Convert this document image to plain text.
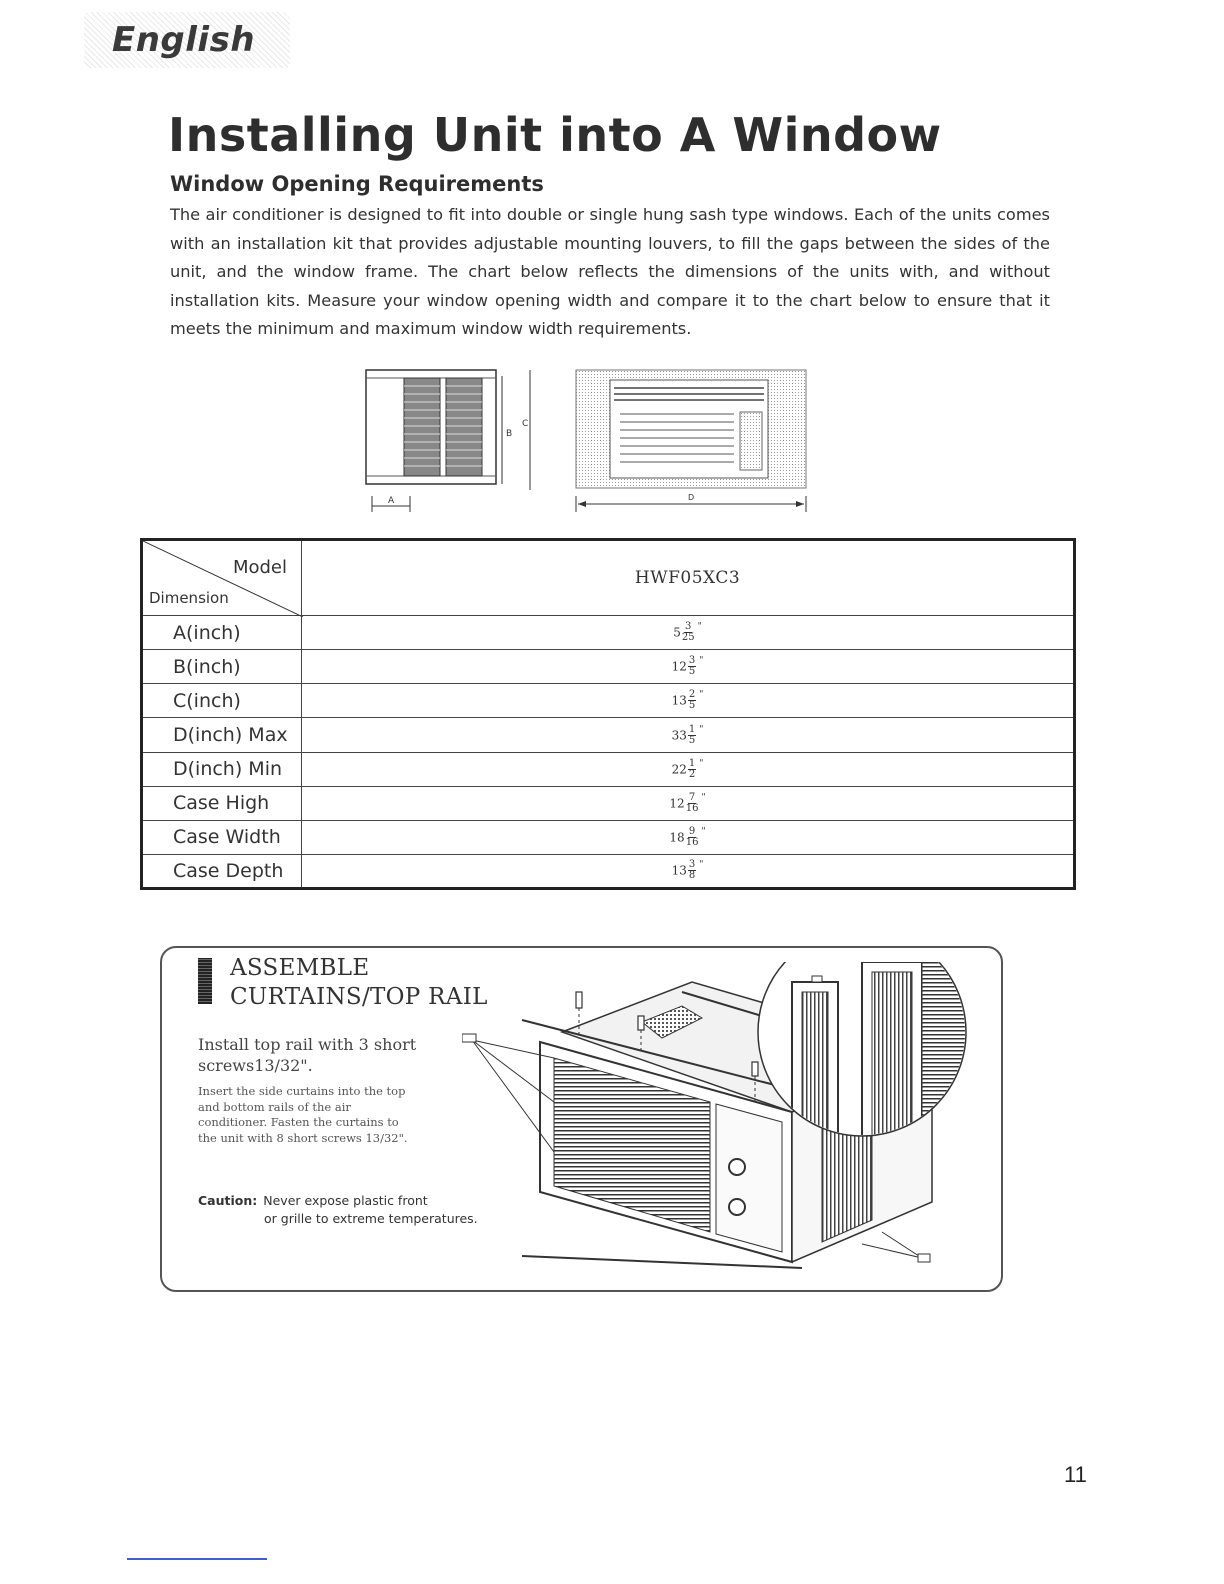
English
Installing Unit into A Window
Window Opening Requirements

The air conditioner is designed to fit into double or single hung sash type windows. Each of the units comes with an installation kit that provides adjustable mounting louvers, to fill the gaps between the sides of the unit, and the window frame. The chart below reflects the dimensions of the units with, and without installation kits. Measure your window opening width and compare it to the chart below to ensure that it meets the minimum and maximum window width requirements.

B
C
A	D
Model
Dimension	HWF05XC3
A(inch)	$5 \frac{3}{25} ^"$
B(inch)	$12 \frac{3}{5} ^"$
C(inch)	$13 \frac{2}{5} ^"$
D(inch) Max	$33 \frac{1}{5} ^"$
D(inch) Min	$22 \frac{1}{2} ^"$
Case High	$12 \frac{7}{16} ^"$
Case Width	$18 \frac{9}{16} ^"$
Case Depth	$13 \frac{3}{8} ^"$
ASSEMBLE
CURTAINS/TOP RAIL

Install top rail with 3 short screws13/32".

Insert the side curtains into the top and bottom rails of the air conditioner. Fasten the curtains to the unit with 8 short screws 13/32".

Caution: Never expose plastic front
or grille to extreme temperatures.

11
